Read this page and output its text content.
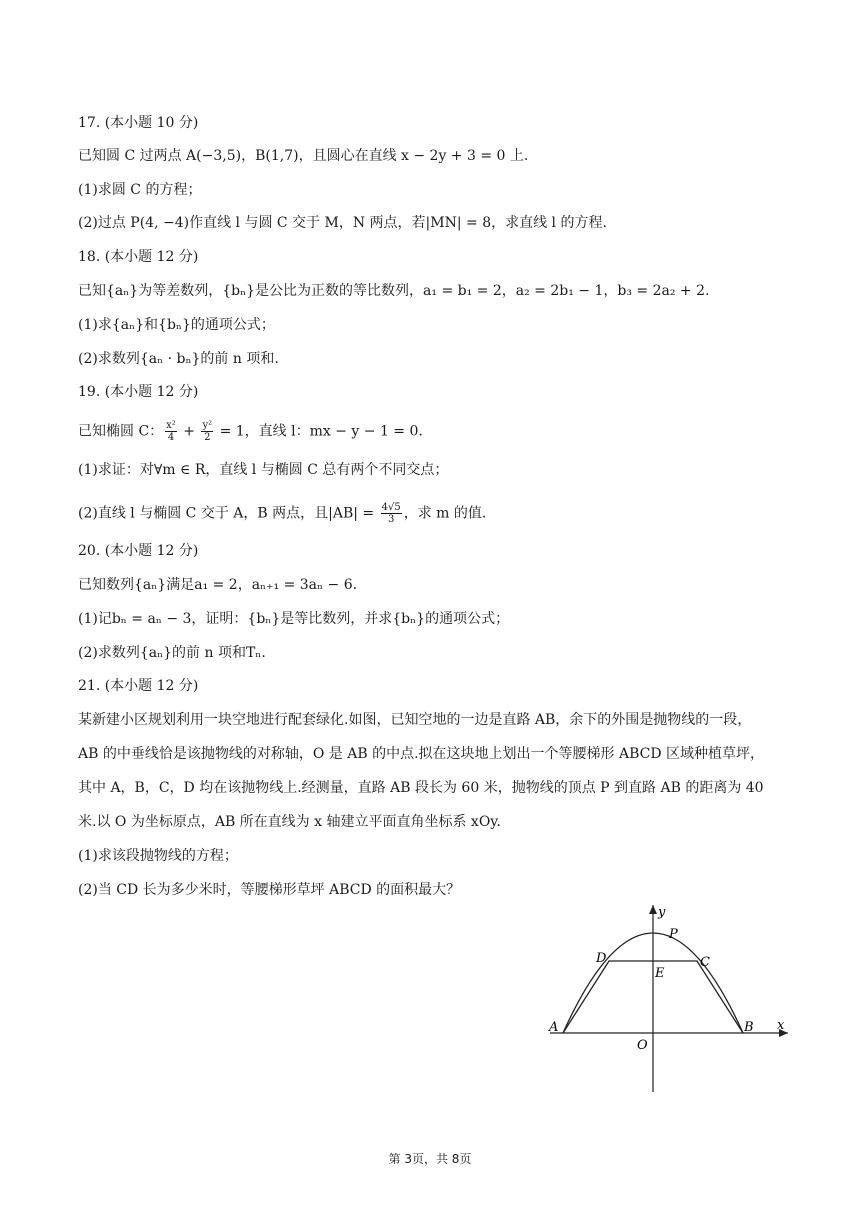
17. (本小题 10 分)
已知圆 C 过两点 A(−3,5)，B(1,7)，且圆心在直线 x − 2y + 3 = 0 上.
(1)求圆 C 的方程；
(2)过点 P(4, −4)作直线 l 与圆 C 交于 M，N 两点，若|MN| = 8，求直线 l 的方程.
18. (本小题 12 分)
已知{aₙ}为等差数列，{bₙ}是公比为正数的等比数列，a₁ = b₁ = 2，a₂ = 2b₁ − 1，b₃ = 2a₂ + 2.
(1)求{aₙ}和{bₙ}的通项公式；
(2)求数列{aₙ · bₙ}的前 n 项和.
19. (本小题 12 分)
已知椭圆 C： $\frac{\text{x²}}{4} + \frac{\text{y²}}{2} = 1$，直线 l：mx − y − 1 = 0.
(1)求证：对∀m ∈ R，直线 l 与椭圆 C 总有两个不同交点；
(2)直线 l 与椭圆 C 交于 A，B 两点，且$|AB| = \frac{4√5}{3}$ ，求 m 的值.
20. (本小题 12 分)
已知数列{aₙ}满足a₁ = 2，aₙ₊₁ = 3aₙ − 6.
(1)记bₙ = aₙ − 3，证明：{bₙ}是等比数列，并求{bₙ}的通项公式；
(2)求数列{aₙ}的前 n 项和Tₙ.
21. (本小题 12 分)
某新建小区规划利用一块空地进行配套绿化.如图，已知空地的一边是直路 AB，余下的外围是抛物线的一段，
AB 的中垂线恰是该抛物线的对称轴，O 是 AB 的中点.拟在这块地上划出一个等腰梯形 ABCD 区域种植草坪，
其中 A，B，C，D 均在该抛物线上.经测量，直路 AB 段长为 60 米，抛物线的顶点 P 到直路 AB 的距离为 40
米.以 O 为坐标原点，AB 所在直线为 x 轴建立平面直角坐标系 xOy.
(1)求该段抛物线的方程；
(2)当 CD 长为多少米时，等腰梯形草坪 ABCD 的面积最大？
y
x
P
D	C
E
A	B
O
第 3页，共 8页
